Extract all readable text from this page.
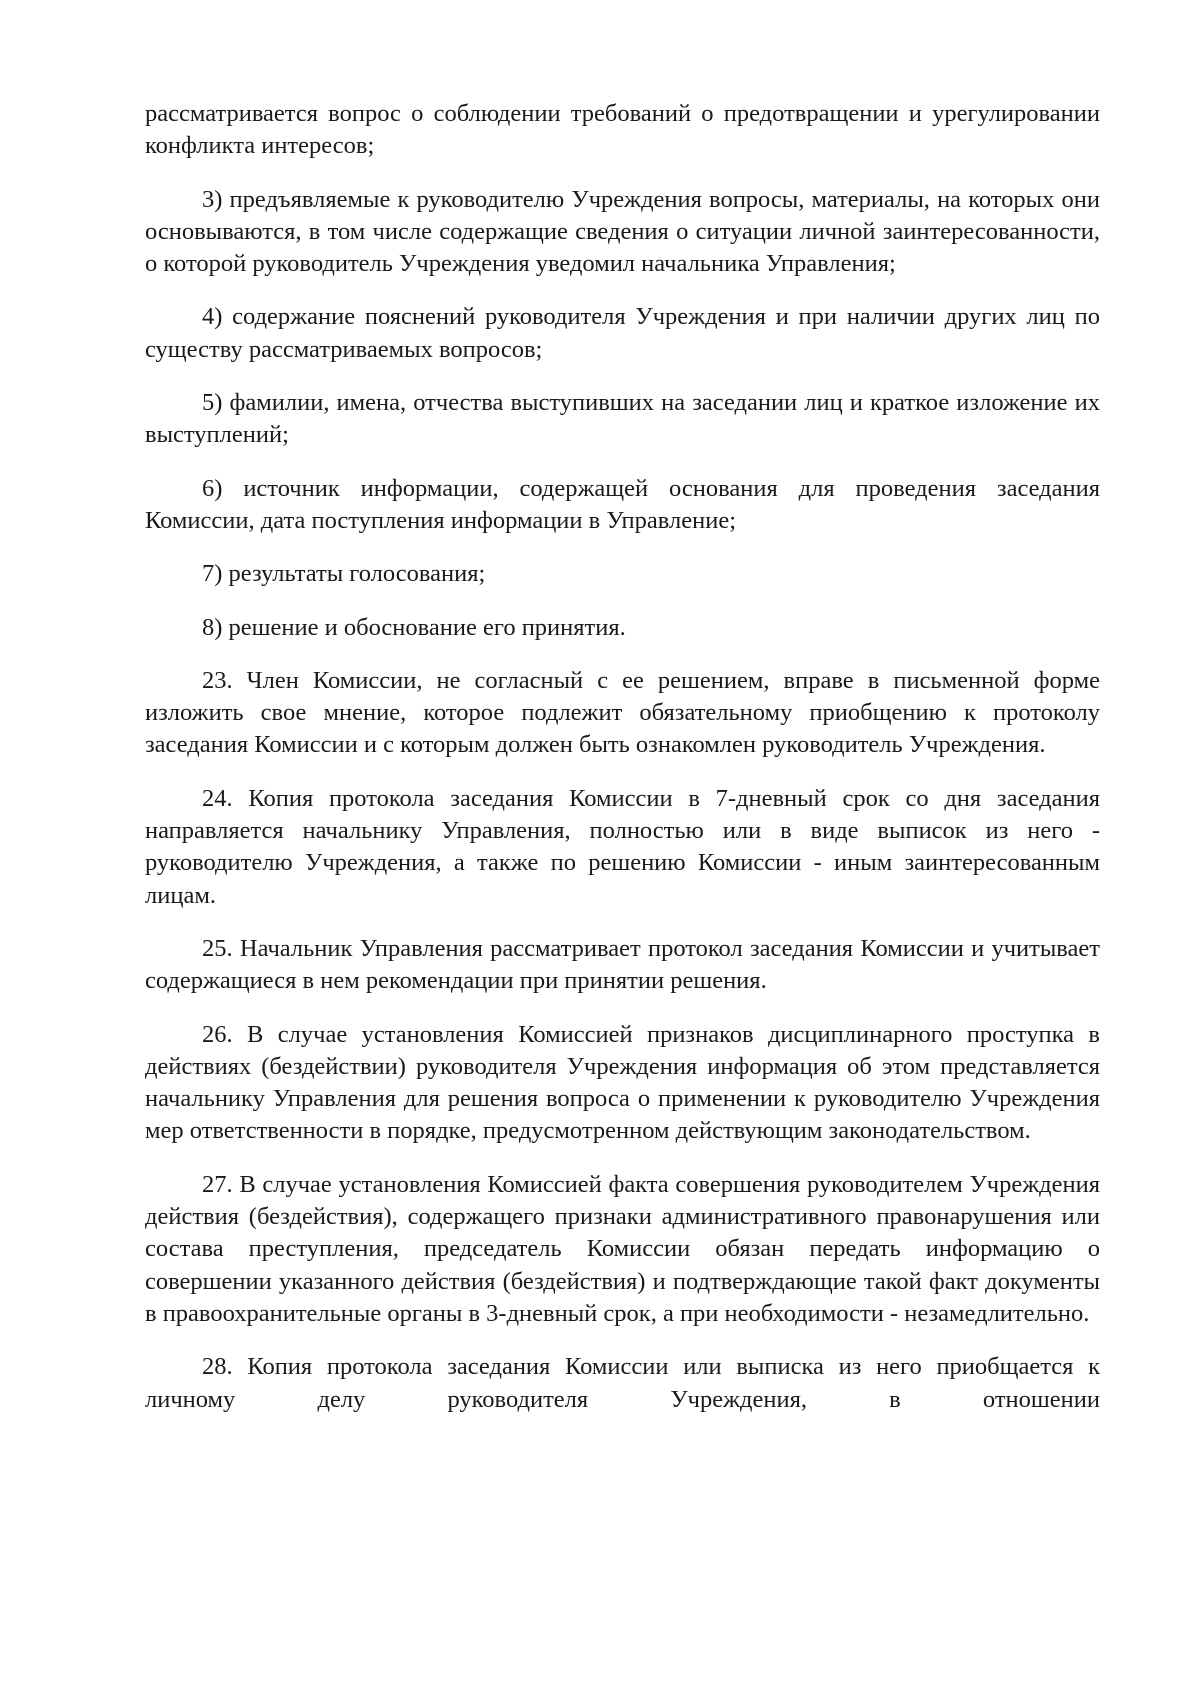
рассматривается вопрос о соблюдении требований о предотвращении и урегулировании конфликта интересов;

3) предъявляемые к руководителю Учреждения вопросы, материалы, на которых они основываются, в том числе содержащие сведения о ситуации личной заинтересованности, о которой руководитель Учреждения уведомил начальника Управления;

4) содержание пояснений руководителя Учреждения и при наличии других лиц по существу рассматриваемых вопросов;

5) фамилии, имена, отчества выступивших на заседании лиц и краткое изложение их выступлений;

6) источник информации, содержащей основания для проведения заседания Комиссии, дата поступления информации в Управление;

7) результаты голосования;

8) решение и обоснование его принятия.

23. Член Комиссии, не согласный с ее решением, вправе в письменной форме изложить свое мнение, которое подлежит обязательному приобщению к протоколу заседания Комиссии и с которым должен быть ознакомлен руководитель Учреждения.

24. Копия протокола заседания Комиссии в 7-дневный срок со дня заседания направляется начальнику Управления, полностью или в виде выписок из него - руководителю Учреждения, а также по решению Комиссии - иным заинтересованным лицам.

25. Начальник Управления рассматривает протокол заседания Комиссии и учитывает содержащиеся в нем рекомендации при принятии решения.

26. В случае установления Комиссией признаков дисциплинарного проступка в действиях (бездействии) руководителя Учреждения информация об этом представляется начальнику Управления для решения вопроса о применении к руководителю Учреждения мер ответственности в порядке, предусмотренном действующим законодательством.

27. В случае установления Комиссией факта совершения руководителем Учреждения действия (бездействия), содержащего признаки административного правонарушения или состава преступления, председатель Комиссии обязан передать информацию о совершении указанного действия (бездействия) и подтверждающие такой факт документы в правоохранительные органы в 3-дневный срок, а при необходимости - незамедлительно.

28. Копия протокола заседания Комиссии или выписка из него приобщается к личному делу руководителя Учреждения, в отношении
